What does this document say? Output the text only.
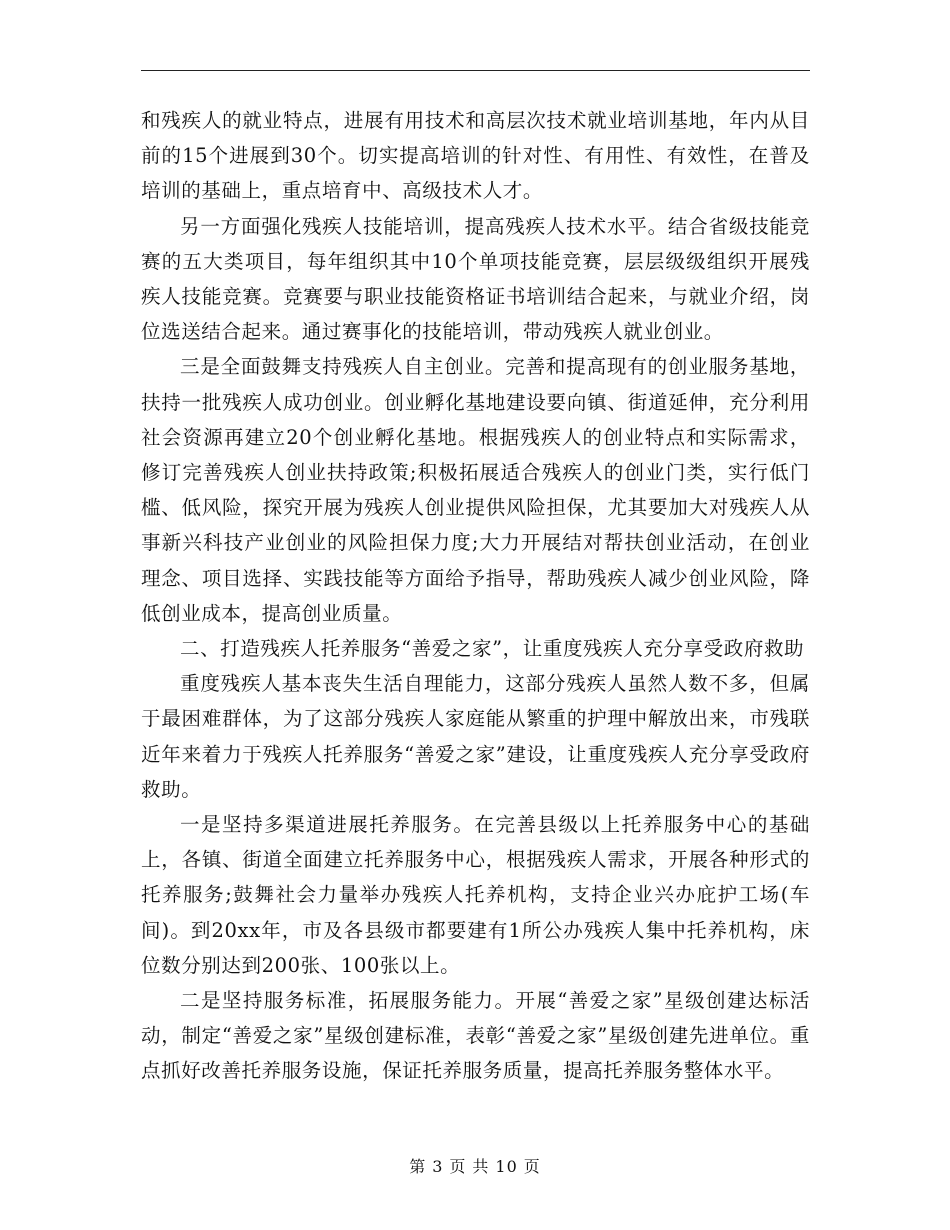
和残疾人的就业特点，进展有用技术和高层次技术就业培训基地，年内从目前的15个进展到30个。切实提高培训的针对性、有用性、有效性，在普及培训的基础上，重点培育中、高级技术人才。

另一方面强化残疾人技能培训，提高残疾人技术水平。结合省级技能竞赛的五大类项目，每年组织其中10个单项技能竞赛，层层级级组织开展残疾人技能竞赛。竞赛要与职业技能资格证书培训结合起来，与就业介绍，岗位选送结合起来。通过赛事化的技能培训，带动残疾人就业创业。

三是全面鼓舞支持残疾人自主创业。完善和提高现有的创业服务基地，扶持一批残疾人成功创业。创业孵化基地建设要向镇、街道延伸，充分利用社会资源再建立20个创业孵化基地。根据残疾人的创业特点和实际需求，修订完善残疾人创业扶持政策;积极拓展适合残疾人的创业门类，实行低门槛、低风险，探究开展为残疾人创业提供风险担保，尤其要加大对残疾人从事新兴科技产业创业的风险担保力度;大力开展结对帮扶创业活动，在创业理念、项目选择、实践技能等方面给予指导，帮助残疾人减少创业风险，降低创业成本，提高创业质量。

二、打造残疾人托养服务“善爱之家”，让重度残疾人充分享受政府救助

重度残疾人基本丧失生活自理能力，这部分残疾人虽然人数不多，但属于最困难群体，为了这部分残疾人家庭能从繁重的护理中解放出来，市残联近年来着力于残疾人托养服务“善爱之家”建设，让重度残疾人充分享受政府救助。

一是坚持多渠道进展托养服务。在完善县级以上托养服务中心的基础上，各镇、街道全面建立托养服务中心，根据残疾人需求，开展各种形式的托养服务;鼓舞社会力量举办残疾人托养机构，支持企业兴办庇护工场(车间)。到20xx年，市及各县级市都要建有1所公办残疾人集中托养机构，床位数分别达到200张、100张以上。

二是坚持服务标准，拓展服务能力。开展“善爱之家”星级创建达标活动，制定“善爱之家”星级创建标准，表彰“善爱之家”星级创建先进单位。重点抓好改善托养服务设施，保证托养服务质量，提高托养服务整体水平。

第 3 页 共 10 页
